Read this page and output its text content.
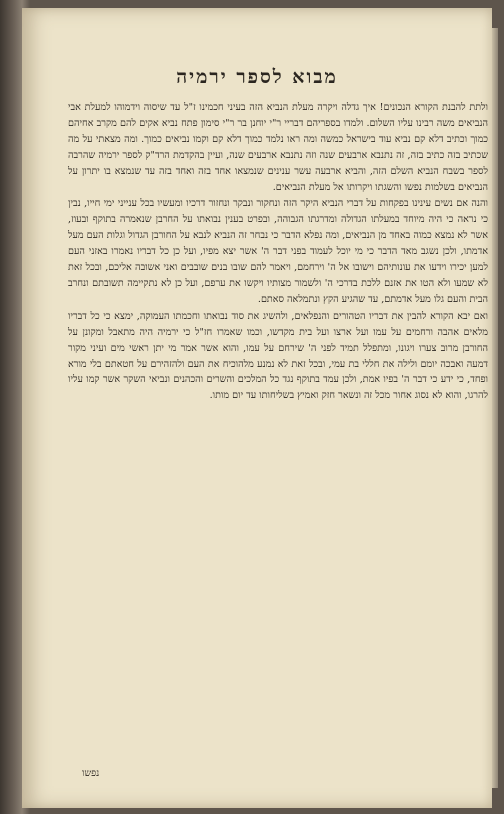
מבוא לספר ירמיה

ולתת להבנת הקורא הנכונים! איך גדלה ויקרה מעלת הנביא הזה בעיני חכמינו ז"ל עד שיסוה וידמוהו למעלת אבי הנביאים משה רבינו עליו השלום. ולמדו בספריהם דבריי ר"י יוחנן בר ר"י סימון פתח נביא אקים להם מקרב אחיהם כמוך וכתיב דלא קם נביא עוד בישראל כמשה ומה ראו נלמד כמוך דלא קם וקמו נביאים כמוך. ומה מצאתי על מה שכתיב בזה כתיב בזה, זה נתנבא ארבעים שנה וזה נתנבא ארבעים שנה, ועיין בהקדמת הרד"ק לספר ירמיה שהרבה לספר בשבח הנביא השלם הזה, והביא ארבעה עשר ענינים שנמצאו אחד בזה ואחד בזה עד שנמצא בו יתרון על הנביאים בשלמות נפשו והשגתו ויקרותו אל מעלת הנביאים.

והנה אם נשים עינינו בפקחות על דברי הנביא היקר הזה ונחקור ונבקר ונחזור דרכיו ומעשיו בכל ענייני ימי חייו, נבין כי נראה כי היה מיוחד במעלתו הגדולה ומדרגתו הגבוהה, ובפרט בענין נבואתו על החרבן שנאמרה בתוקף ובעוז, אשר לא נמצא כמוה באחד מן הנביאים, ומה נפלא הדבר כי נבחר זה הנביא לנבא על החורבן הגדול וגלות העם מעל אדמתו, ולכן נשגב מאד הדבר כי מי יוכל לעמוד בפני דבר ה' אשר יצא מפיו, ועל כן כל דבריו נאמרו באזני העם למען יכירו וידעו את עונותיהם וישובו אל ה' וירחמם, ויאמר להם שובו בנים שובבים ואני אשובה אליכם, ובכל זאת לא שמעו ולא הטו את אזנם ללכת בדרכי ה' ולשמור מצותיו ויקשו את ערפם, ועל כן לא נתקיימה תשובתם ונחרב הבית והעם גלו מעל אדמתם, עד שהגיע הקץ ונתמלאה סאתם.

ואם יבא הקורא להבין את דבריו הטהורים והנפלאים, ולהשיג את סוד נבואתו וחכמתו העמוקה, ימצא כי כל דבריו מלאים אהבה ורחמים על עמו ועל ארצו ועל בית מקדשו, וכמו שאמרו חז"ל כי ירמיה היה מתאבל ומקונן על החורבן מרוב צערו ויגונו, ומתפלל תמיד לפני ה' שירחם על עמו, והוא אשר אמר מי יתן ראשי מים ועיני מקור דמעה ואבכה יומם ולילה את חללי בת עמי, ובכל זאת לא נמנע מלהוכיח את העם ולהזהירם על חטאתם בלי מורא ופחד, כי ידע כי דבר ה' בפיו אמת, ולכן עמד בתוקף נגד כל המלכים והשרים והכהנים ונביאי השקר אשר קמו עליו להרגו, והוא לא נסוג אחור מכל זה ונשאר חזק ואמיץ בשליחותו עד יום מותו.

נפשו
